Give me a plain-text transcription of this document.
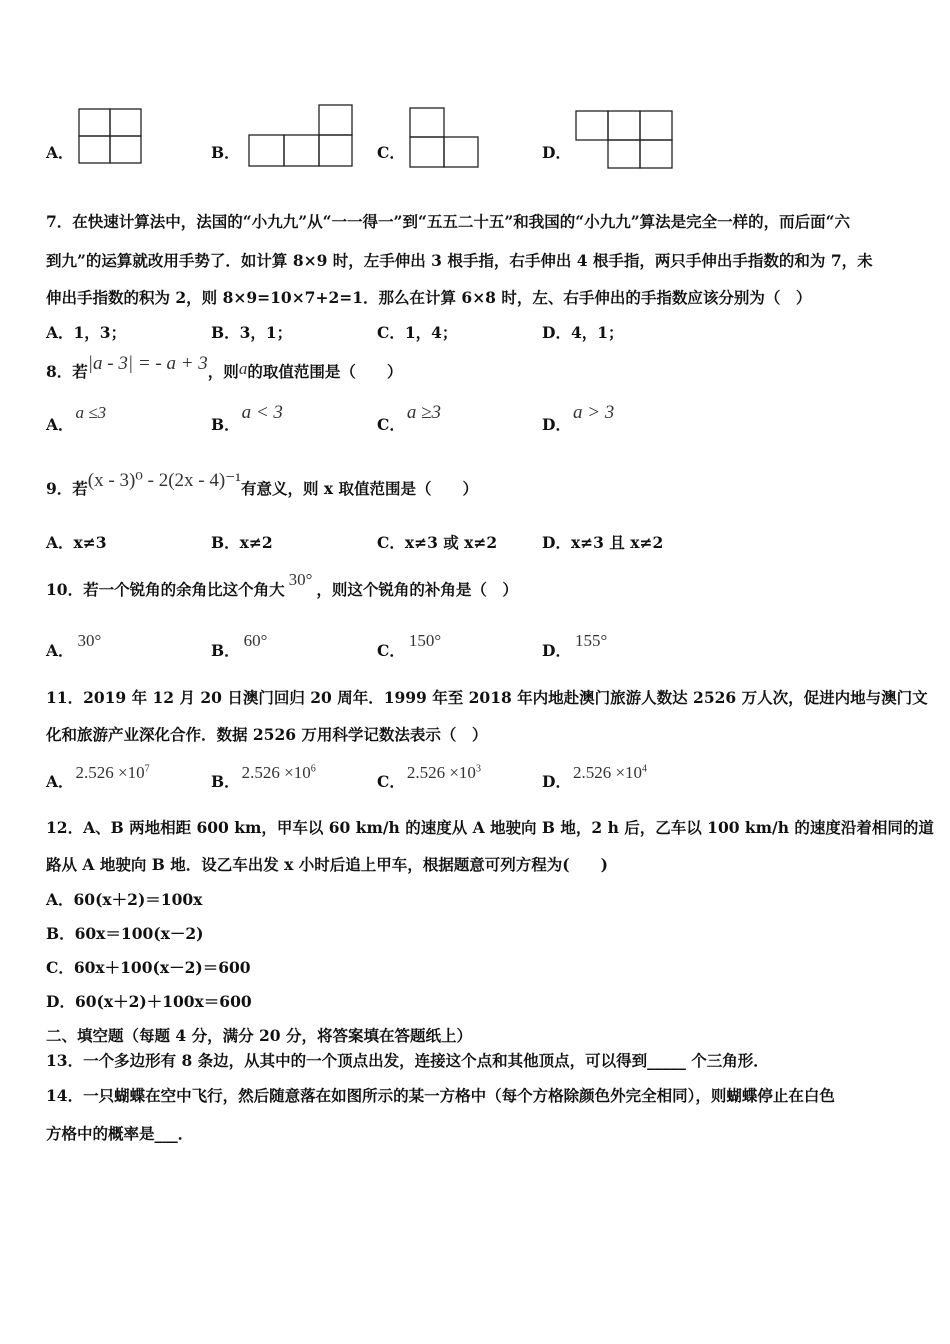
A．	B．	C．	D．
7．在快速计算法中，法国的“小九九”从“一一得一”到“五五二十五”和我国的“小九九”算法是完全一样的，而后面“六
到九”的运算就改用手势了．如计算 8×9 时，左手伸出 3 根手指，右手伸出 4 根手指，两只手伸出手指数的和为 7，未
伸出手指数的积为 2，则 8×9=10×7+2=1．那么在计算 6×8 时，左、右手伸出的手指数应该分别为（　）
A．1，3；	B．3，1；	C．1，4；	D．4，1；
8．若|a - 3| = - a + 3，则a的取值范围是（　　）
A．a ≤3
B．a < 3
C．a ≥3
D．a > 3
9．若(x - 3)⁰ - 2(2x - 4)⁻¹有意义，则 x 取值范围是（　　）
A．x≠3	B．x≠2	C．x≠3 或 x≠2	D．x≠3 且 x≠2
10．若一个锐角的余角比这个角大30°，则这个锐角的补角是（　）
A．30°
B．60°
C．150°
D．155°
11．2019 年 12 月 20 日澳门回归 20 周年．1999 年至 2018 年内地赴澳门旅游人数达 2526 万人次，促进内地与澳门文
化和旅游产业深化合作．数据 2526 万用科学记数法表示（　）
A． $2.526 \times 10^7$
B． $2.526 \times 10^6$
C． $2.526 \times 10^3$
D． $2.526 \times 10^4$
12．A、B 两地相距 600 km，甲车以 60 km/h 的速度从 A 地驶向 B 地，2 h 后，乙车以 100 km/h 的速度沿着相同的道
路从 A 地驶向 B 地．设乙车出发 x 小时后追上甲车，根据题意可列方程为(　　)
A．60(x＋2)＝100x
B．60x＝100(x－2)
C．60x＋100(x－2)＝600
D．60(x＋2)＋100x＝600
二、填空题（每题 4 分，满分 20 分，将答案填在答题纸上）
13．一个多边形有 8 条边，从其中的一个顶点出发，连接这个点和其他顶点，可以得到_____ 个三角形．
14．一只蝴蝶在空中飞行，然后随意落在如图所示的某一方格中（每个方格除颜色外完全相同），则蝴蝶停止在白色
方格中的概率是___．
